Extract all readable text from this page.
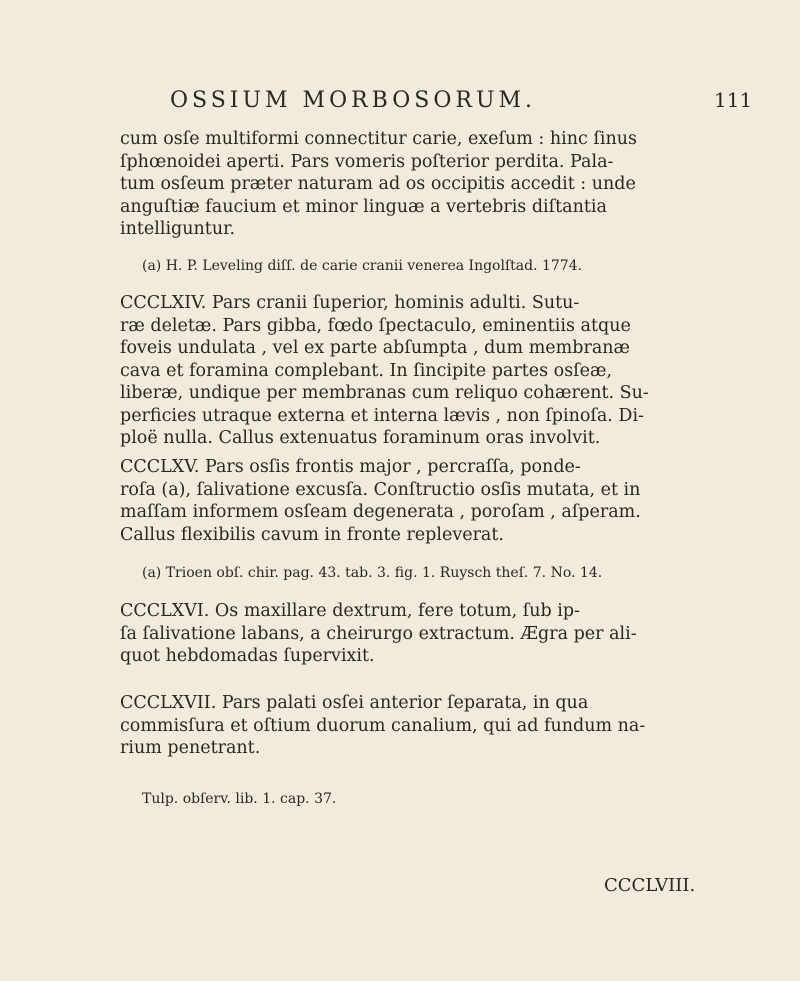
OSSIUM MORBOSORUM.	111

cum osſe multiformi connectitur carie, exeſum : hinc ſinus
ſphœnoidei aperti. Pars vomeris poſterior perdita. Pala-
tum osſeum præter naturam ad os occipitis accedit : unde
anguſtiæ faucium et minor linguæ a vertebris diſtantia
intelliguntur.

(a) H. P. Leveling diſſ. de carie cranii venerea Ingolſtad. 1774.

CCCLXIV. Pars cranii ſuperior, hominis adulti. Sutu-
ræ deletæ. Pars gibba, fœdo ſpectaculo, eminentiis atque
foveis undulata , vel ex parte abſumpta , dum membranæ
cava et foramina complebant. In ſincipite partes osſeæ,
liberæ, undique per membranas cum reliquo cohærent. Su-
perficies utraque externa et interna lævis , non ſpinoſa. Di-
ploë nulla. Callus extenuatus foraminum oras involvit.

CCCLXV. Pars osſis frontis major , percraſſa, ponde-
roſa (a), ſalivatione excusſa. Conſtructio osſis mutata, et in
maſſam informem osſeam degenerata , poroſam , aſperam.
Callus flexibilis cavum in fronte repleverat.

(a) Trioen obſ. chir. pag. 43. tab. 3. fig. 1. Ruysch theſ. 7. No. 14.

CCCLXVI. Os maxillare dextrum, fere totum, ſub ip-
ſa ſalivatione labans, a cheirurgo extractum. Ægra per ali-
quot hebdomadas ſupervixit.

CCCLXVII. Pars palati osſei anterior ſeparata, in qua
commisſura et oſtium duorum canalium, qui ad fundum na-
rium penetrant.

Tulp. obſerv. lib. 1. cap. 37.

CCCLVIII.
